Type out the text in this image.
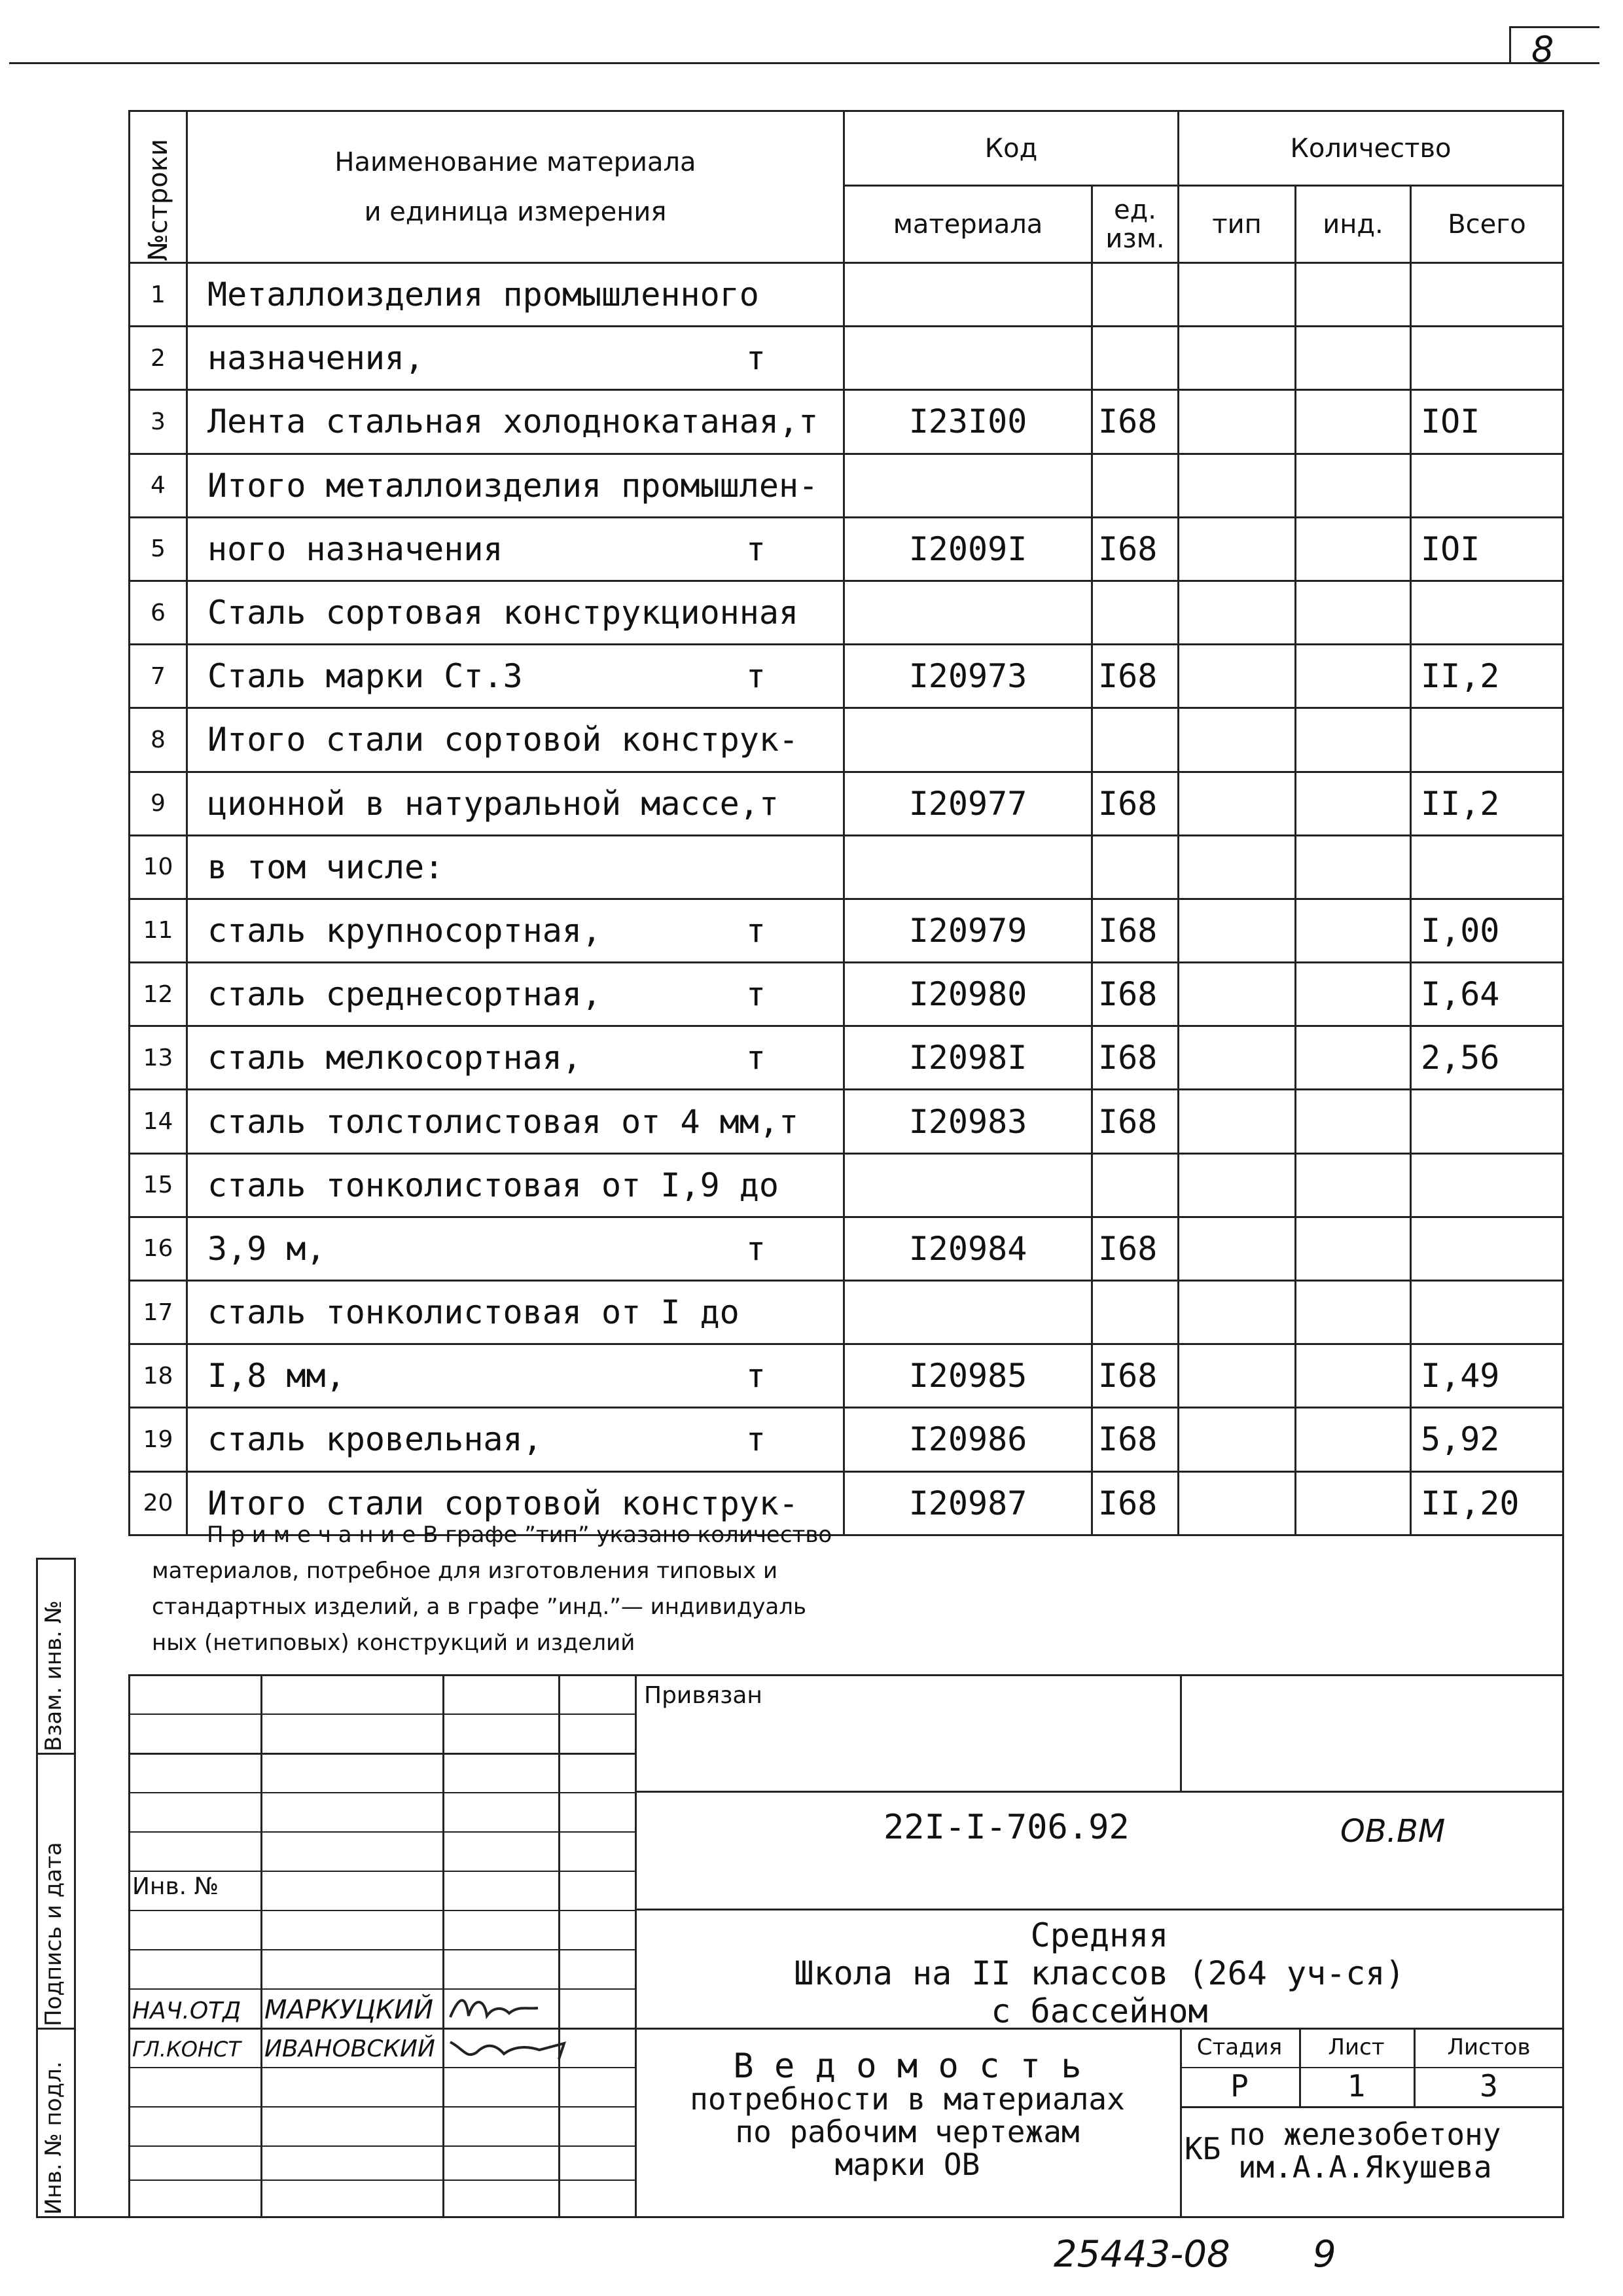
8
№строки	Наименование материала
и единица измерения	Код		Количество		
		материала	ед. изм.	тип	инд.	Всего
1	Металлоизделия промышленного

2	назначения, т					

3	Лента стальная холоднокатаная,т	I23I00	I68			IOI
4	Итого металлоизделия промышлен-

5	ного назначения т	I2009I	I68			IOI
6	Сталь сортовая конструкционная

7	Сталь марки Ст.3 т	I20973	I68			II,2
8	Итого стали сортовой конструк-

9	ционной в натуральной массе,т	I20977	I68			II,2
10	в том числе:

11	сталь крупносортная, т	I20979	I68			I,00
12	сталь среднесортная, т	I20980	I68			I,64
13	сталь мелкосортная, т	I2098I	I68			2,56
14	сталь толстолистовая от 4 мм,т	I20983	I68			
15	сталь тонколистовая от I,9 до

16	3,9 м, т	I20984	I68			
17	сталь тонколистовая от I до

18	I,8 мм, т	I20985	I68			I,49
19	сталь кровельная, т	I20986	I68			5,92
20	Итого стали сортовой конструк-	I20987	I68			II,20
П р и м е ч а н и е В графе ”тип” указано количество
материалов, потребное для изготовления типовых и
стандартных изделий, а в графе ”инд.”— индивидуаль
ных (нетиповых) конструкций и изделий
Взам. инв. №
Подпись и дата
Инв. № подл.
Привязан
22I-I-706.92	ОВ.ВМ
Инв. №
Средняя
Школа на II классов (264 уч-ся)
с бассейном
НАЧ.ОТД МАРКУЦКИЙ
ГЛ.КОНСТ ИВАНОВСКИЙ	В е д о м о с т ь
потребности в материалах
по рабочим чертежам
марки ОВ
Стадия	Лист	Листов
Р	1	3
КБ по железобетону
им.А.А.Якушева
25443-08 9
